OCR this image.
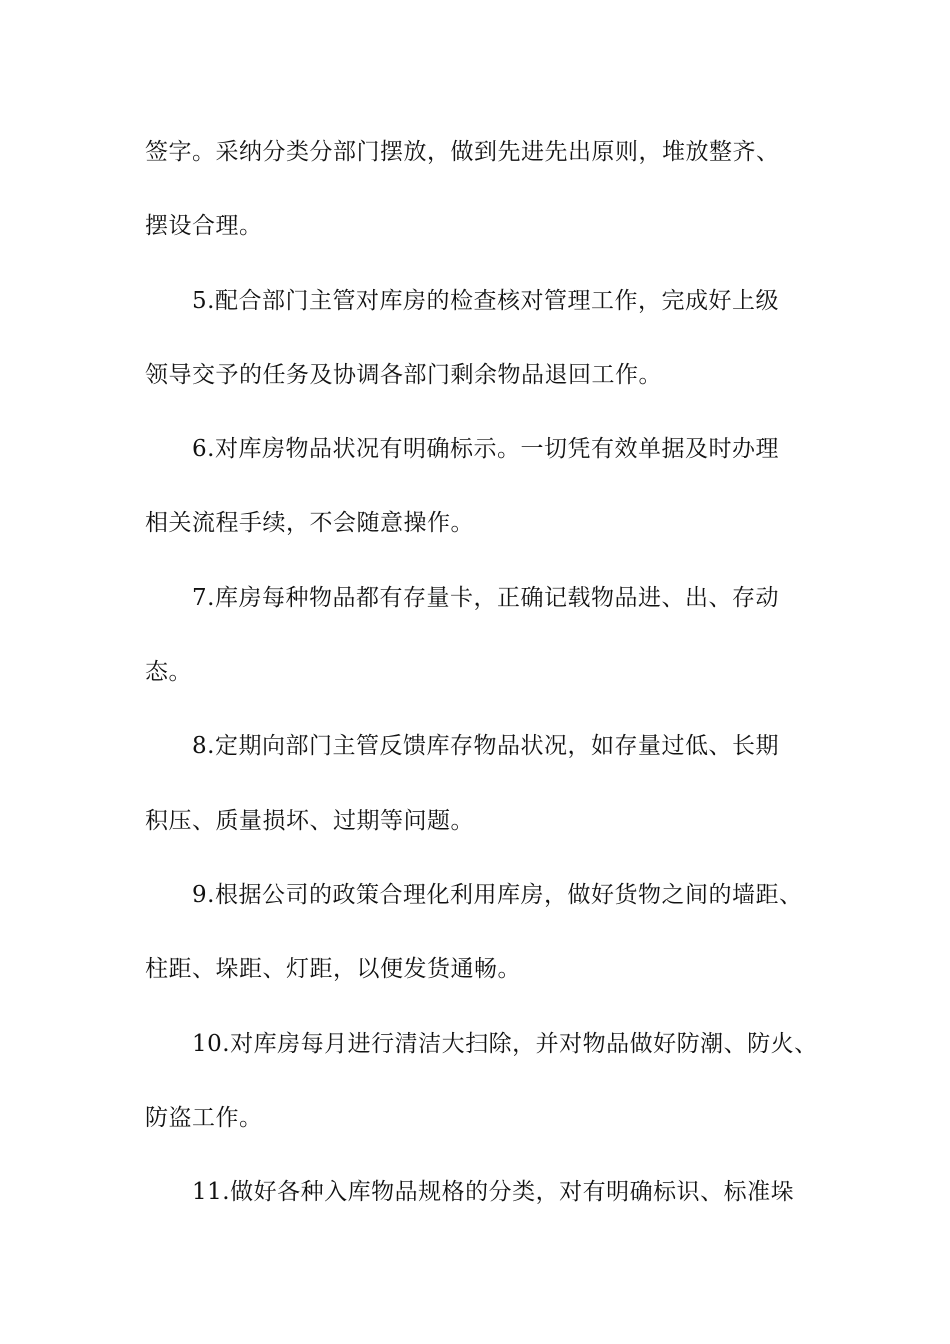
签字。采纳分类分部门摆放，做到先进先出原则，堆放整齐、
摆设合理。
5.配合部门主管对库房的检查核对管理工作，完成好上级
领导交予的任务及协调各部门剩余物品退回工作。
6.对库房物品状况有明确标示。一切凭有效单据及时办理
相关流程手续，不会随意操作。
7.库房每种物品都有存量卡，正确记载物品进、出、存动
态。
8.定期向部门主管反馈库存物品状况，如存量过低、长期
积压、质量损坏、过期等问题。
9.根据公司的政策合理化利用库房，做好货物之间的墙距、
柱距、垛距、灯距，以便发货通畅。
10.对库房每月进行清洁大扫除，并对物品做好防潮、防火、
防盗工作。
11.做好各种入库物品规格的分类，对有明确标识、标准垛
